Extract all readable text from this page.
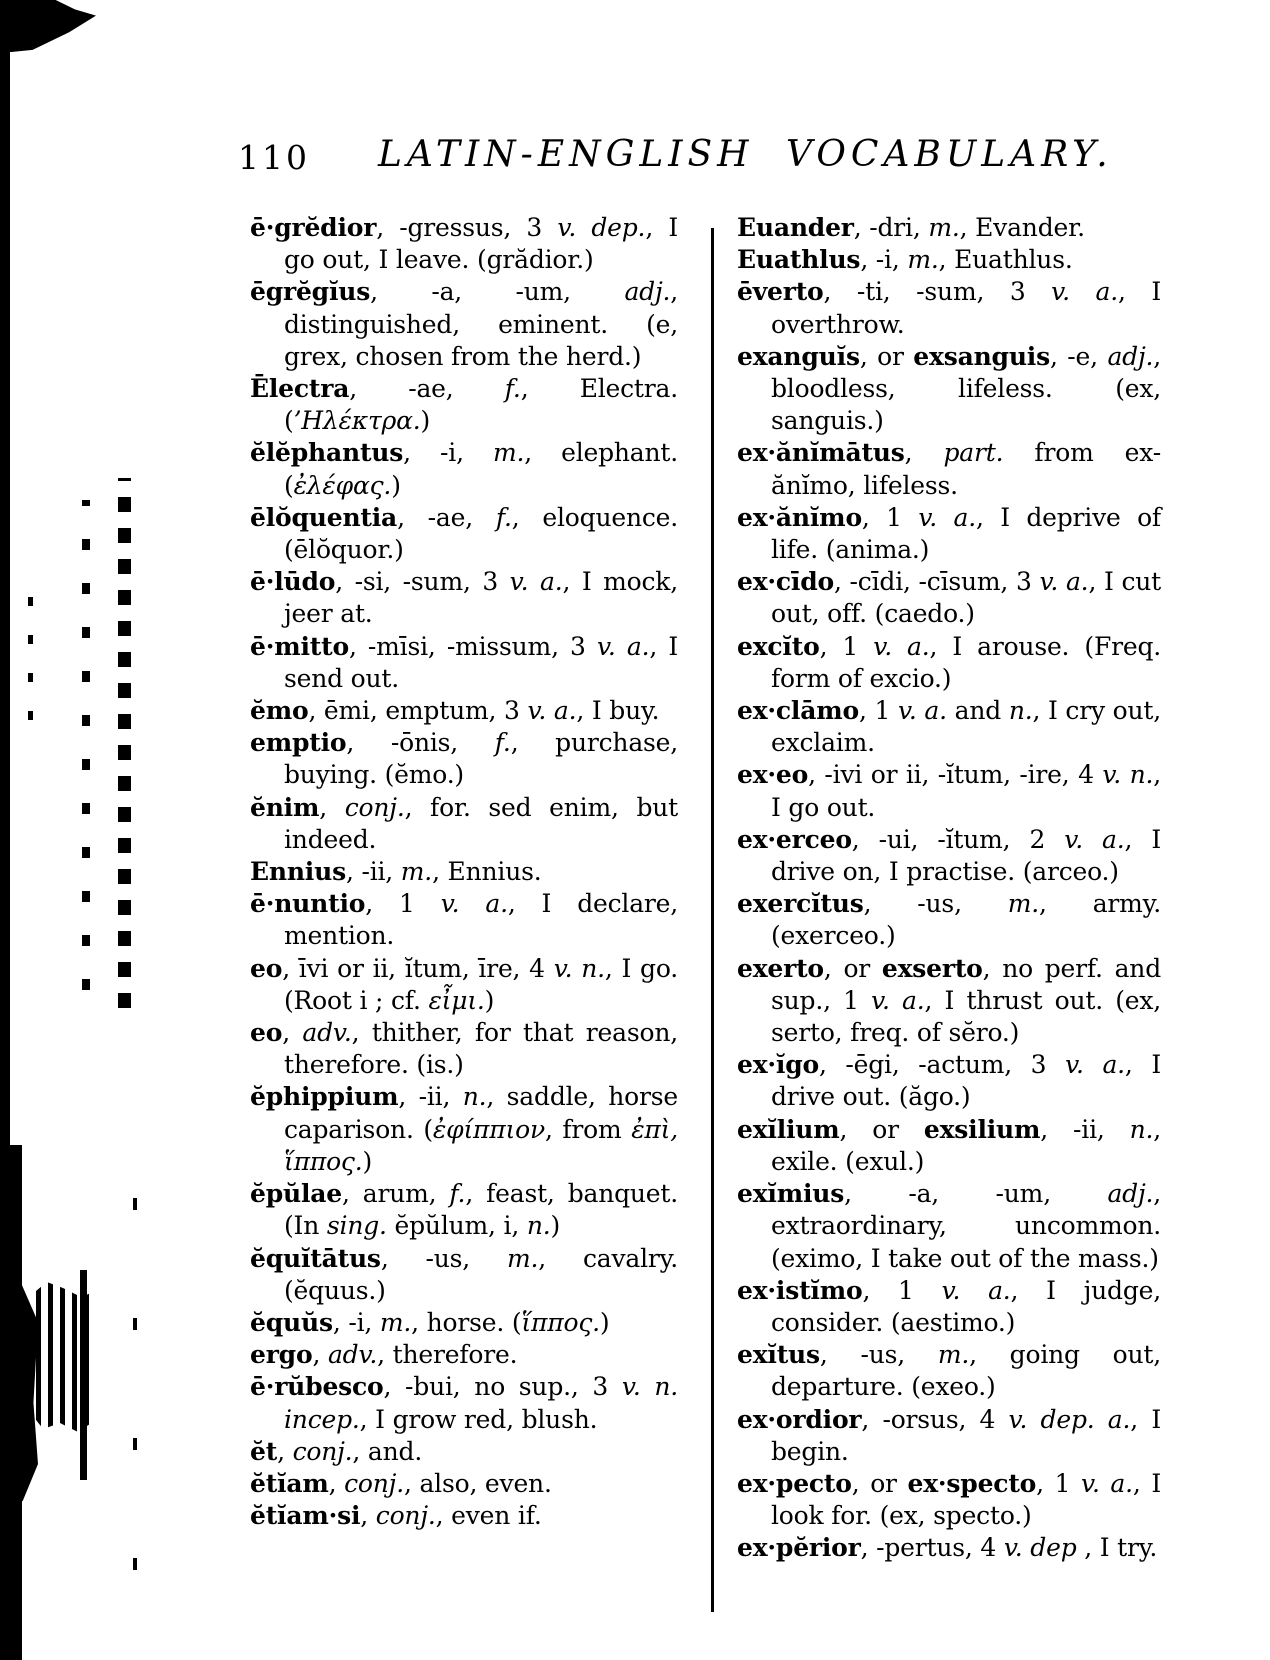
110 LATIN-ENGLISH VOCABULARY.

ē·grĕdior, -gressus, 3 v. dep., I go out, I leave. (grădior.)

ēgrĕgĭus, -a, -um, adj., distinguished, eminent. (e, grex, chosen from the herd.)

Ēlectra, -ae, f., Electra. (’Ηλέκτρα.)

ĕlĕphantus, -i, m., elephant. (ἐλέφας.)

ēlŏquentia, -ae, f., eloquence. (ēlŏquor.)

ē·lūdo, -si, -sum, 3 v. a., I mock, jeer at.

ē·mitto, -mīsi, -missum, 3 v. a., I send out.

ĕmo, ēmi, emptum, 3 v. a., I buy.

emptio, -ōnis, f., purchase, buying. (ĕmo.)

ĕnim, conj., for. sed enim, but indeed.

Ennius, -ii, m., Ennius.

ē·nuntio, 1 v. a., I declare, mention.

eo, īvi or ii, ĭtum, īre, 4 v. n., I go. (Root i ; cf. εἶμι.)

eo, adv., thither, for that reason, therefore. (is.)

ĕphippium, -ii, n., saddle, horse caparison. (ἐφίππιον, from ἐπὶ, ἵππος.)

ĕpŭlae, arum, f., feast, banquet. (In sing. ĕpŭlum, i, n.)

ĕquĭtātus, -us, m., cavalry. (ĕquus.)

ĕquŭs, -i, m., horse. (ἵππος.)

ergo, adv., therefore.

ē·rŭbesco, -bui, no sup., 3 v. n. incep., I grow red, blush.

ĕt, conj., and.

ĕtĭam, conj., also, even.

ĕtĭam·si, conj., even if.

Euander, -dri, m., Evander.

Euathlus, -i, m., Euathlus.

ēverto, -ti, -sum, 3 v. a., I overthrow.

exanguĭs, or exsanguis, -e, adj., bloodless, lifeless. (ex, sanguis.)

ex·ănĭmātus, part. from ex-ănĭmo, lifeless.

ex·ănĭmo, 1 v. a., I deprive of life. (anima.)

ex·cīdo, -cīdi, -cīsum, 3 v. a., I cut out, off. (caedo.)

excĭto, 1 v. a., I arouse. (Freq. form of excio.)

ex·clāmo, 1 v. a. and n., I cry out, exclaim.

ex·eo, -ivi or ii, -ĭtum, -ire, 4 v. n., I go out.

ex·erceo, -ui, -ĭtum, 2 v. a., I drive on, I practise. (arceo.)

exercĭtus, -us, m., army. (exerceo.)

exerto, or exserto, no perf. and sup., 1 v. a., I thrust out. (ex, serto, freq. of sĕro.)

ex·ĭgo, -ēgi, -actum, 3 v. a., I drive out. (ăgo.)

exĭlium, or exsilium, -ii, n., exile. (exul.)

exĭmius, -a, -um, adj., extraordinary, uncommon. (eximo, I take out of the mass.)

ex·istĭmo, 1 v. a., I judge, consider. (aestimo.)

exĭtus, -us, m., going out, departure. (exeo.)

ex·ordior, -orsus, 4 v. dep. a., I begin.

ex·pecto, or ex·specto, 1 v. a., I look for. (ex, specto.)

ex·pĕrior, -pertus, 4 v. dep , I try.
